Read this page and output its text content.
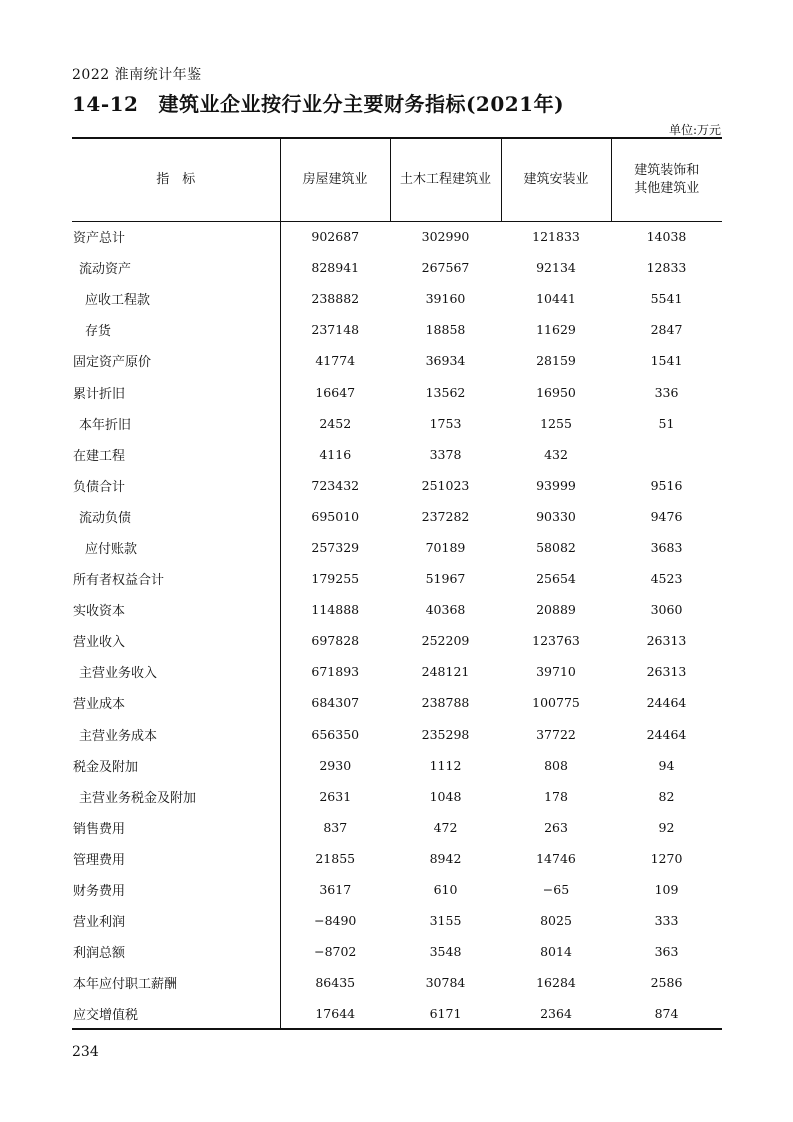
2022 淮南统计年鉴
14-12 建筑业企业按行业分主要财务指标(2021年)
单位:万元
指　标	房屋建筑业	土木工程建筑业	建筑安装业	建筑装饰和
其他建筑业
资产总计	902687	302990	121833	14038
流动资产	828941	267567	92134	12833
应收工程款	238882	39160	10441	5541
存货	237148	18858	11629	2847
固定资产原价	41774	36934	28159	1541
累计折旧	16647	13562	16950	336
本年折旧	2452	1753	1255	51
在建工程	4116	3378	432	
负债合计	723432	251023	93999	9516
流动负债	695010	237282	90330	9476
应付账款	257329	70189	58082	3683
所有者权益合计	179255	51967	25654	4523
实收资本	114888	40368	20889	3060
营业收入	697828	252209	123763	26313
主营业务收入	671893	248121	39710	26313
营业成本	684307	238788	100775	24464
主营业务成本	656350	235298	37722	24464
税金及附加	2930	1112	808	94
主营业务税金及附加	2631	1048	178	82
销售费用	837	472	263	92
管理费用	21855	8942	14746	1270
财务费用	3617	610	−65	109
营业利润	−8490	3155	8025	333
利润总额	−8702	3548	8014	363
本年应付职工薪酬	86435	30784	16284	2586
应交增值税	17644	6171	2364	874
234
